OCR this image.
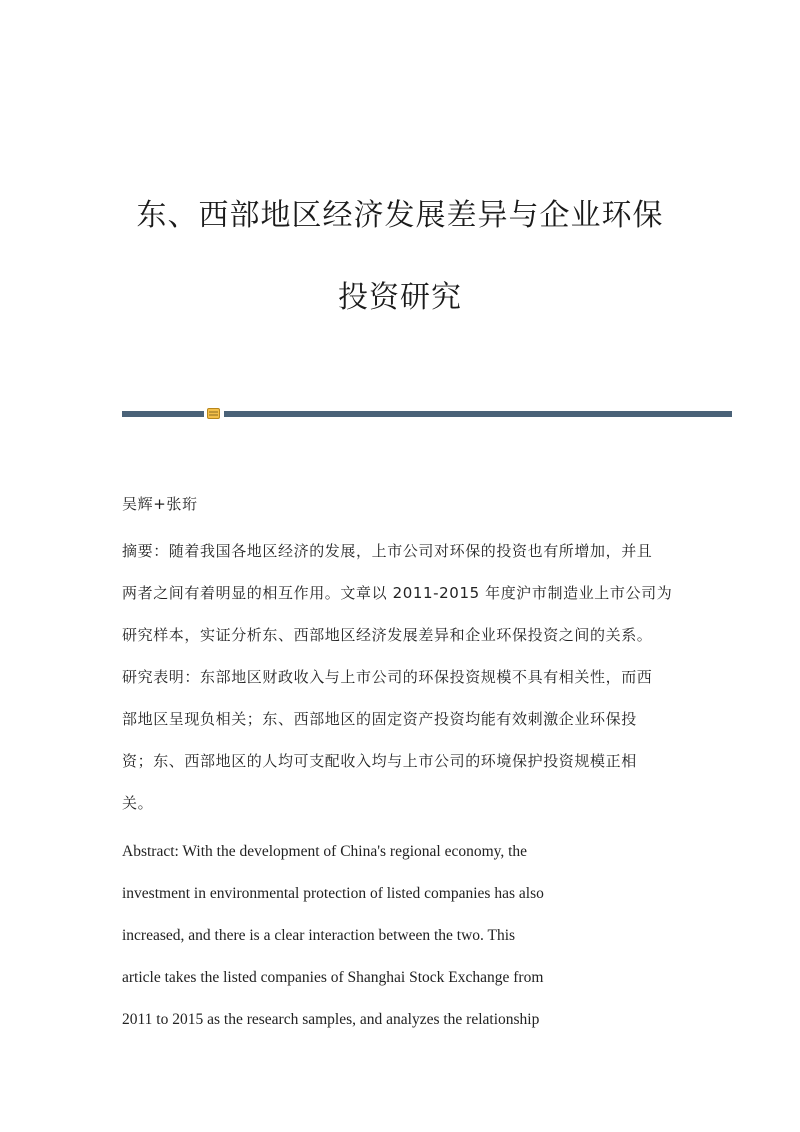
东、西部地区经济发展差异与企业环保
投资研究
吴辉+张珩
摘要：随着我国各地区经济的发展，上市公司对环保的投资也有所增加，并且
两者之间有着明显的相互作用。文章以 2011-2015 年度沪市制造业上市公司为
研究样本，实证分析东、西部地区经济发展差异和企业环保投资之间的关系。
研究表明：东部地区财政收入与上市公司的环保投资规模不具有相关性，而西
部地区呈现负相关；东、西部地区的固定资产投资均能有效刺激企业环保投
资；东、西部地区的人均可支配收入均与上市公司的环境保护投资规模正相
关。
Abstract: With the development of China's regional economy, the
investment in environmental protection of listed companies has also
increased, and there is a clear interaction between the two. This
article takes the listed companies of Shanghai Stock Exchange from
2011 to 2015 as the research samples, and analyzes the relationship
